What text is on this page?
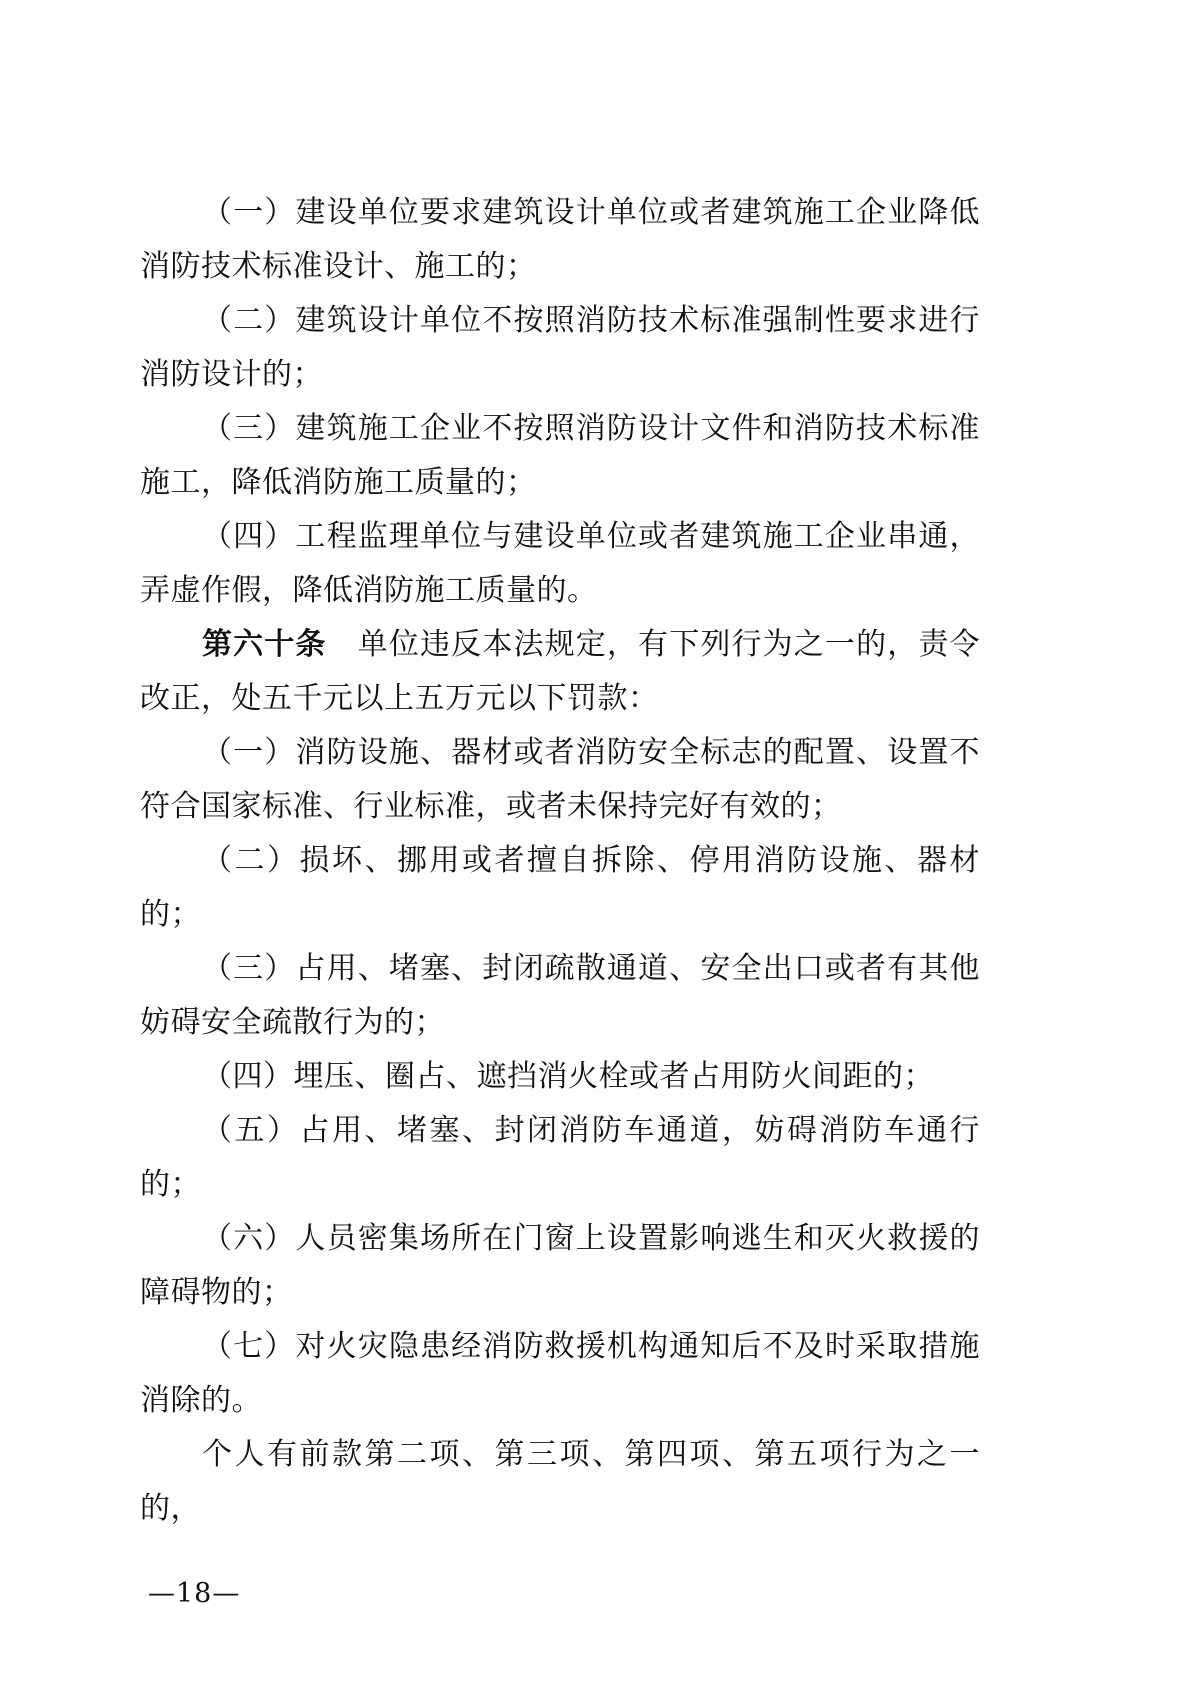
（一）建设单位要求建筑设计单位或者建筑施工企业降低消防技术标准设计、施工的；

（二）建筑设计单位不按照消防技术标准强制性要求进行消防设计的；

（三）建筑施工企业不按照消防设计文件和消防技术标准施工，降低消防施工质量的；

（四）工程监理单位与建设单位或者建筑施工企业串通，弄虚作假，降低消防施工质量的。

第六十条　 单位违反本法规定，有下列行为之一的，责令改正，处五千元以上五万元以下罚款：

（一）消防设施、器材或者消防安全标志的配置、设置不符合国家标准、行业标准，或者未保持完好有效的；

（二）损坏、挪用或者擅自拆除、停用消防设施、器材的；

（三）占用、堵塞、封闭疏散通道、安全出口或者有其他妨碍安全疏散行为的；

（四）埋压、圈占、遮挡消火栓或者占用防火间距的；

（五）占用、堵塞、封闭消防车通道，妨碍消防车通行的；

（六）人员密集场所在门窗上设置影响逃生和灭火救援的障碍物的；

（七）对火灾隐患经消防救援机构通知后不及时采取措施消除的。

个人有前款第二项、第三项、第四项、第五项行为之一的，

—18—
